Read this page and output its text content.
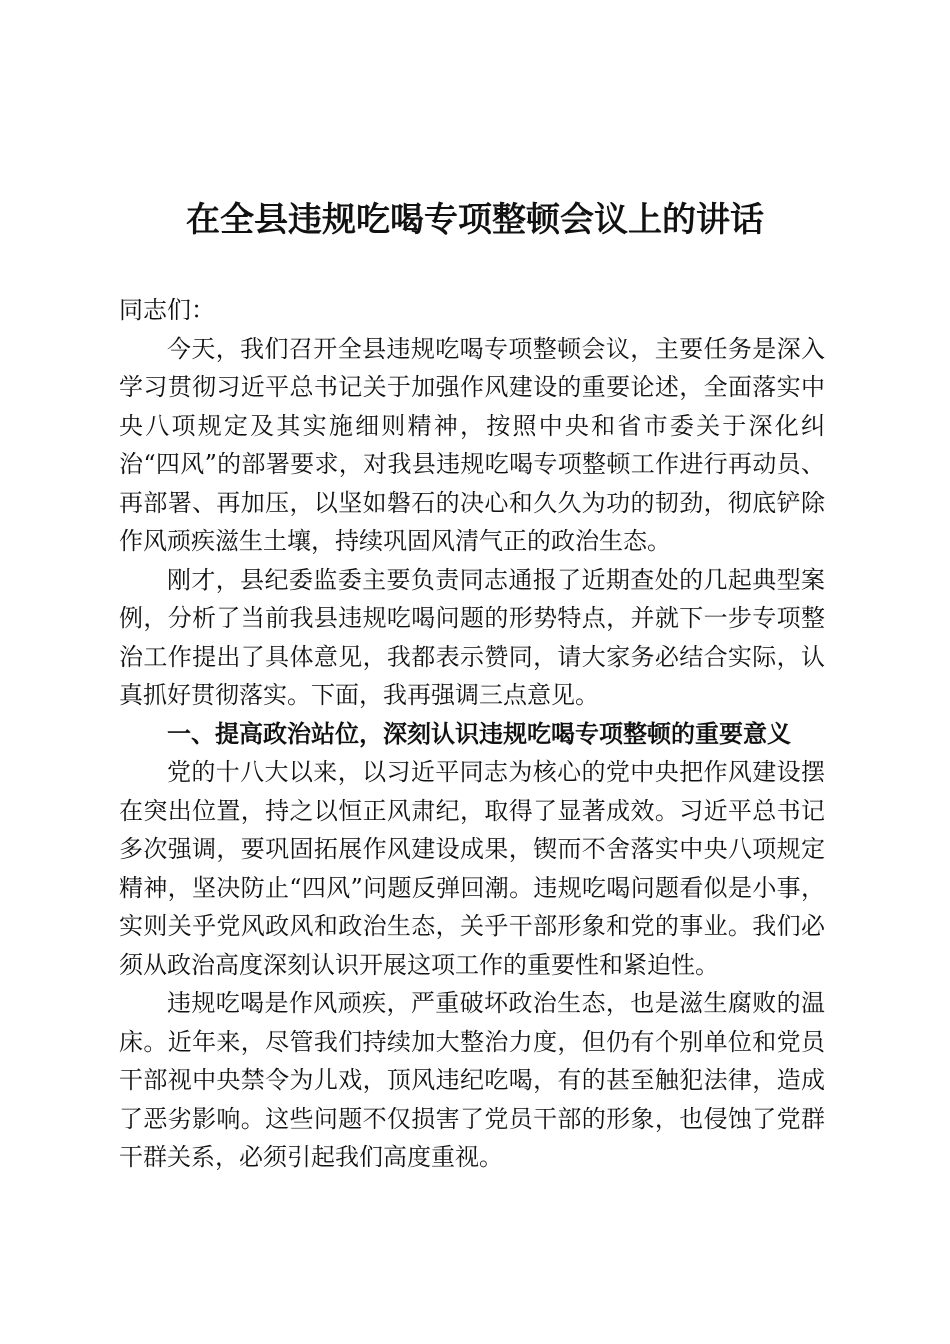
在全县违规吃喝专项整顿会议上的讲话

同志们：

今天，我们召开全县违规吃喝专项整顿会议，主要任务是深入学习贯彻习近平总书记关于加强作风建设的重要论述，全面落实中央八项规定及其实施细则精神，按照中央和省市委关于深化纠治“四风”的部署要求，对我县违规吃喝专项整顿工作进行再动员、再部署、再加压，以坚如磐石的决心和久久为功的韧劲，彻底铲除作风顽疾滋生土壤，持续巩固风清气正的政治生态。

刚才，县纪委监委主要负责同志通报了近期查处的几起典型案例，分析了当前我县违规吃喝问题的形势特点，并就下一步专项整治工作提出了具体意见，我都表示赞同，请大家务必结合实际，认真抓好贯彻落实。下面，我再强调三点意见。

一、提高政治站位，深刻认识违规吃喝专项整顿的重要意义

党的十八大以来，以习近平同志为核心的党中央把作风建设摆在突出位置，持之以恒正风肃纪，取得了显著成效。习近平总书记多次强调，要巩固拓展作风建设成果，锲而不舍落实中央八项规定精神，坚决防止“四风”问题反弹回潮。违规吃喝问题看似是小事，实则关乎党风政风和政治生态，关乎干部形象和党的事业。我们必须从政治高度深刻认识开展这项工作的重要性和紧迫性。

违规吃喝是作风顽疾，严重破坏政治生态，也是滋生腐败的温床。近年来，尽管我们持续加大整治力度，但仍有个别单位和党员干部视中央禁令为儿戏，顶风违纪吃喝，有的甚至触犯法律，造成了恶劣影响。这些问题不仅损害了党员干部的形象，也侵蚀了党群干群关系，必须引起我们高度重视。
